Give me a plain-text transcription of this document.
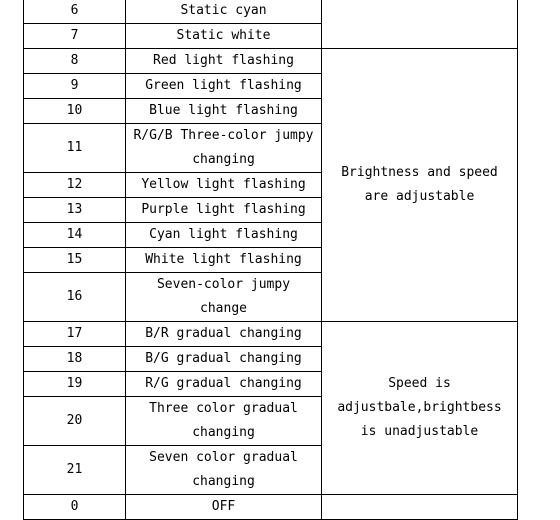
6	Static cyan	
7	Static white	
8	Red light flashing	Brightness and speed are adjustable
9	Green light flashing	
10	Blue light flashing	
11	R/G/B Three-color jumpy changing	
12	Yellow light flashing	
13	Purple light flashing	
14	Cyan light flashing	
15	White light flashing	
16	Seven-color jumpy change	
17	B/R gradual changing	Speed is adjustbale,brightbess is unadjustable
18	B/G gradual changing	
19	R/G gradual changing	
20	Three color gradual changing	
21	Seven color gradual changing	
0	OFF	
